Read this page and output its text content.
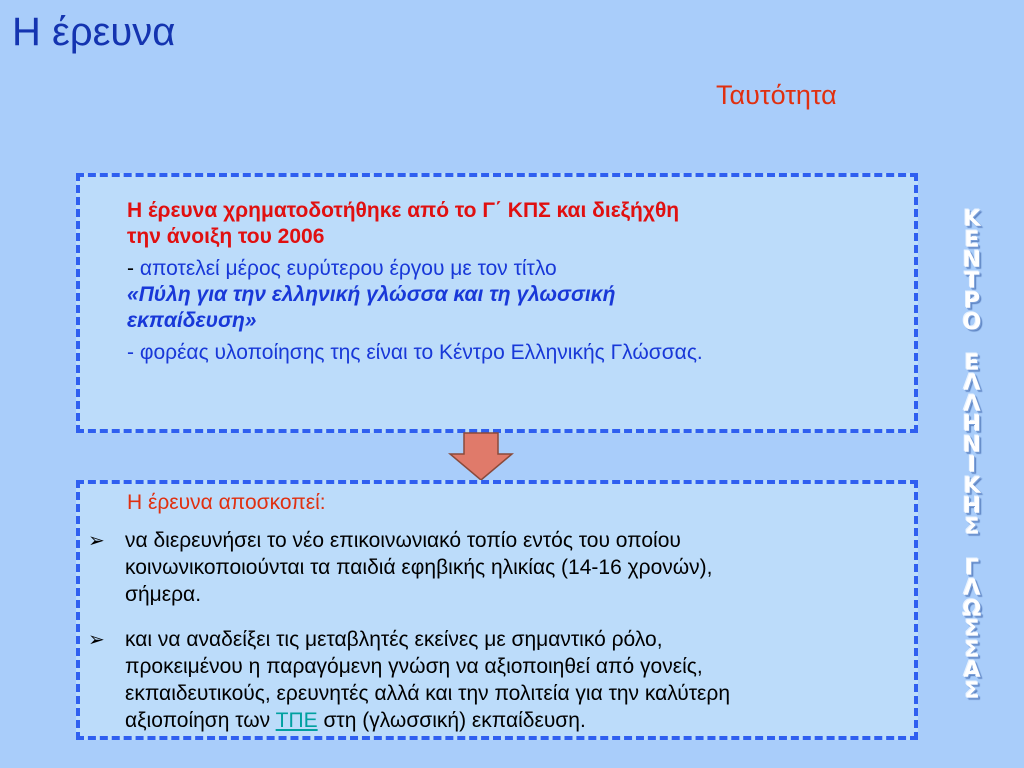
Η έρευνα
Ταυτότητα
Η έρευνα χρηματοδοτήθηκε από το Γ΄ ΚΠΣ και διεξήχθη
την άνοιξη του 2006
- αποτελεί μέρος ευρύτερου έργου με τον τίτλο
«Πύλη για την ελληνική γλώσσα και τη γλωσσική
εκπαίδευση»
- φορέας υλοποίησης της είναι το Κέντρο Ελληνικής Γλώσσας.
Η έρευνα αποσκοπεί:
➢ να διερευνήσει το νέο επικοινωνιακό τοπίο εντός του οποίου
κοινωνικοποιούνται τα παιδιά εφηβικής ηλικίας (14-16 χρονών),
σήμερα.
➢ και να αναδείξει τις μεταβλητές εκείνες με σημαντικό ρόλο,
προκειμένου η παραγόμενη γνώση να αξιοποιηθεί από γονείς,
εκπαιδευτικούς, ερευνητές αλλά και την πολιτεία για την καλύτερη
αξιοποίηση των ΤΠΕ στη (γλωσσική) εκπαίδευση.
Κ
Ε
Ν
Τ
Ρ
Ο

Ε
Λ
Λ
Η
Ν
Ι
Κ
Η
Σ

Γ
Λ
Ω
Σ
Σ
Α
Σ
